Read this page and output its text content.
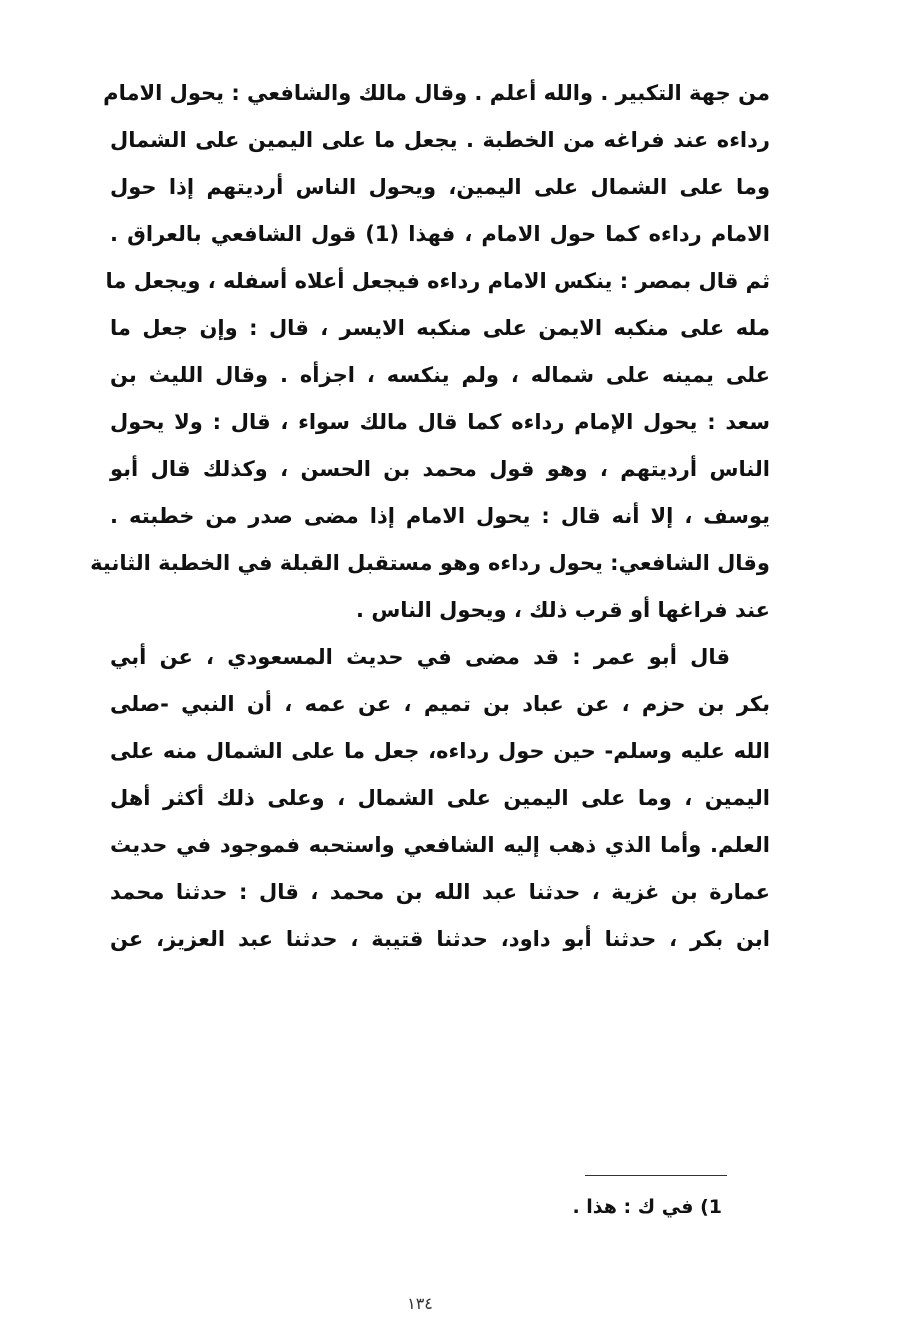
من جهة التكبير . والله أعلم . وقال مالك والشافعي : يحول الامام
رداءه عند فراغه من الخطبة . يجعل ما على اليمين على الشمال
وما على الشمال على اليمين، ويحول الناس أرديتهم إذا حول
الامام رداءه كما حول الامام ، فهذا (1) قول الشافعي بالعراق .
ثم قال بمصر : ينكس الامام رداءه فيجعل أعلاه أسفله ، ويجعل ما
مله على منكبه الايمن على منكبه الايسر ، قال : وإن جعل ما
على يمينه على شماله ، ولم ينكسه ، اجزأه . وقال الليث بن
سعد : يحول الإمام رداءه كما قال مالك سواء ، قال : ولا يحول
الناس أرديتهم ، وهو قول محمد بن الحسن ، وكذلك قال أبو
يوسف ، إلا أنه قال : يحول الامام إذا مضى صدر من خطبته .
وقال الشافعي: يحول رداءه وهو مستقبل القبلة في الخطبة الثانية
عند فراغها أو قرب ذلك ، ويحول الناس .
قال أبو عمر : قد مضى في حديث المسعودي ، عن أبي
بكر بن حزم ، عن عباد بن تميم ، عن عمه ، أن النبي -صلى
الله عليه وسلم- حين حول رداءه، جعل ما على الشمال منه على
اليمين ، وما على اليمين على الشمال ، وعلى ذلك أكثر أهل
العلم. وأما الذي ذهب إليه الشافعي واستحبه فموجود في حديث
عمارة بن غزية ، حدثنا عبد الله بن محمد ، قال : حدثنا محمد
ابن بكر ، حدثنا أبو داود، حدثنا قتيبة ، حدثنا عبد العزيز، عن
1) في ك : هذا .
١٣٤
